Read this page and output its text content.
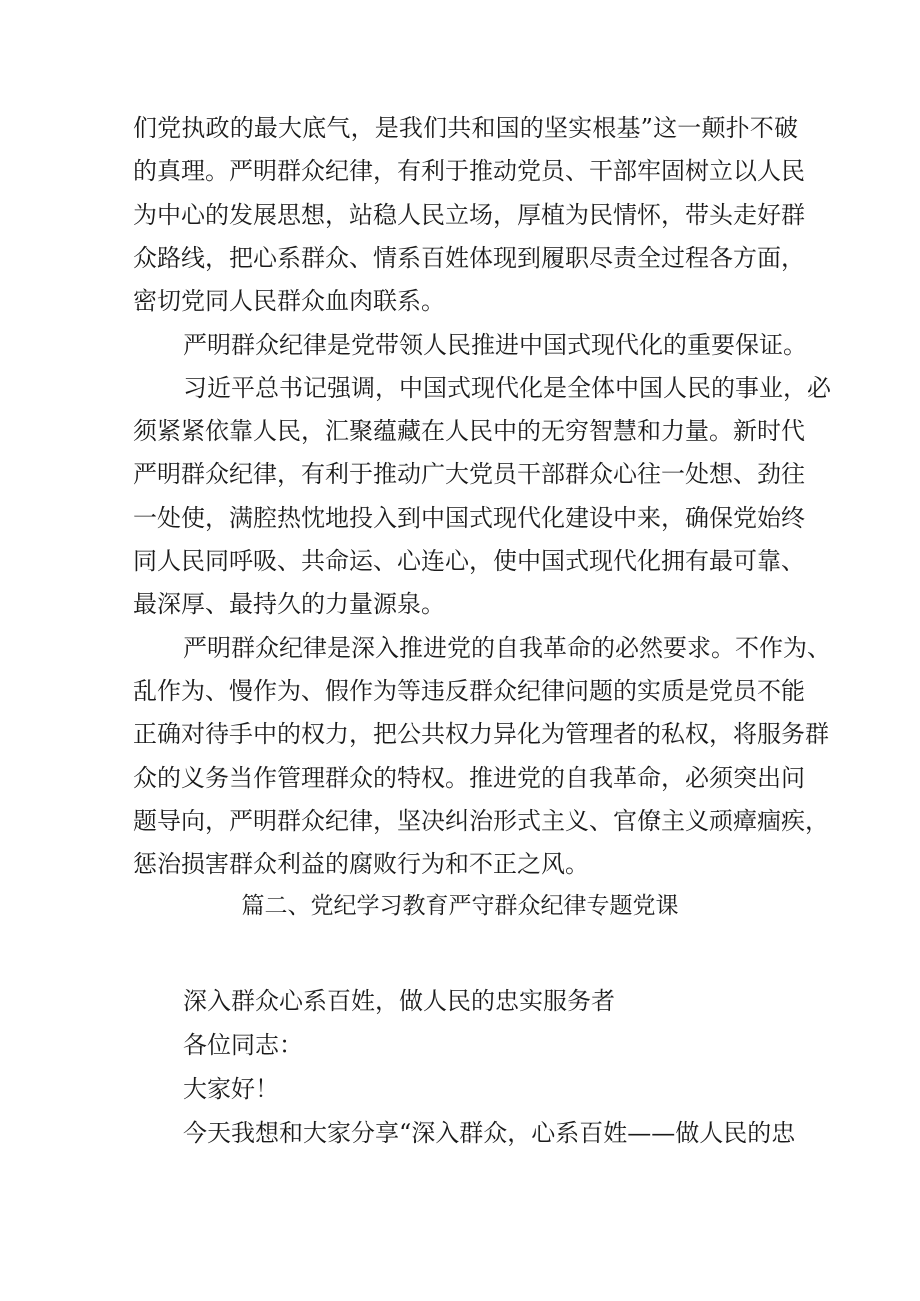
们党执政的最大底气，是我们共和国的坚实根基”这一颠扑不破
的真理。严明群众纪律，有利于推动党员、干部牢固树立以人民
为中心的发展思想，站稳人民立场，厚植为民情怀，带头走好群
众路线，把心系群众、情系百姓体现到履职尽责全过程各方面，
密切党同人民群众血肉联系。
严明群众纪律是党带领人民推进中国式现代化的重要保证。
习近平总书记强调，中国式现代化是全体中国人民的事业，必
须紧紧依靠人民，汇聚蕴藏在人民中的无穷智慧和力量。新时代
严明群众纪律，有利于推动广大党员干部群众心往一处想、劲往
一处使，满腔热忱地投入到中国式现代化建设中来，确保党始终
同人民同呼吸、共命运、心连心，使中国式现代化拥有最可靠、
最深厚、最持久的力量源泉。
严明群众纪律是深入推进党的自我革命的必然要求。不作为、
乱作为、慢作为、假作为等违反群众纪律问题的实质是党员不能
正确对待手中的权力，把公共权力异化为管理者的私权，将服务群
众的义务当作管理群众的特权。推进党的自我革命，必须突出问
题导向，严明群众纪律，坚决纠治形式主义、官僚主义顽瘴痼疾，
惩治损害群众利益的腐败行为和不正之风。
篇二、党纪学习教育严守群众纪律专题党课
深入群众心系百姓，做人民的忠实服务者
各位同志：
大家好！
今天我想和大家分享“深入群众，心系百姓——做人民的忠
